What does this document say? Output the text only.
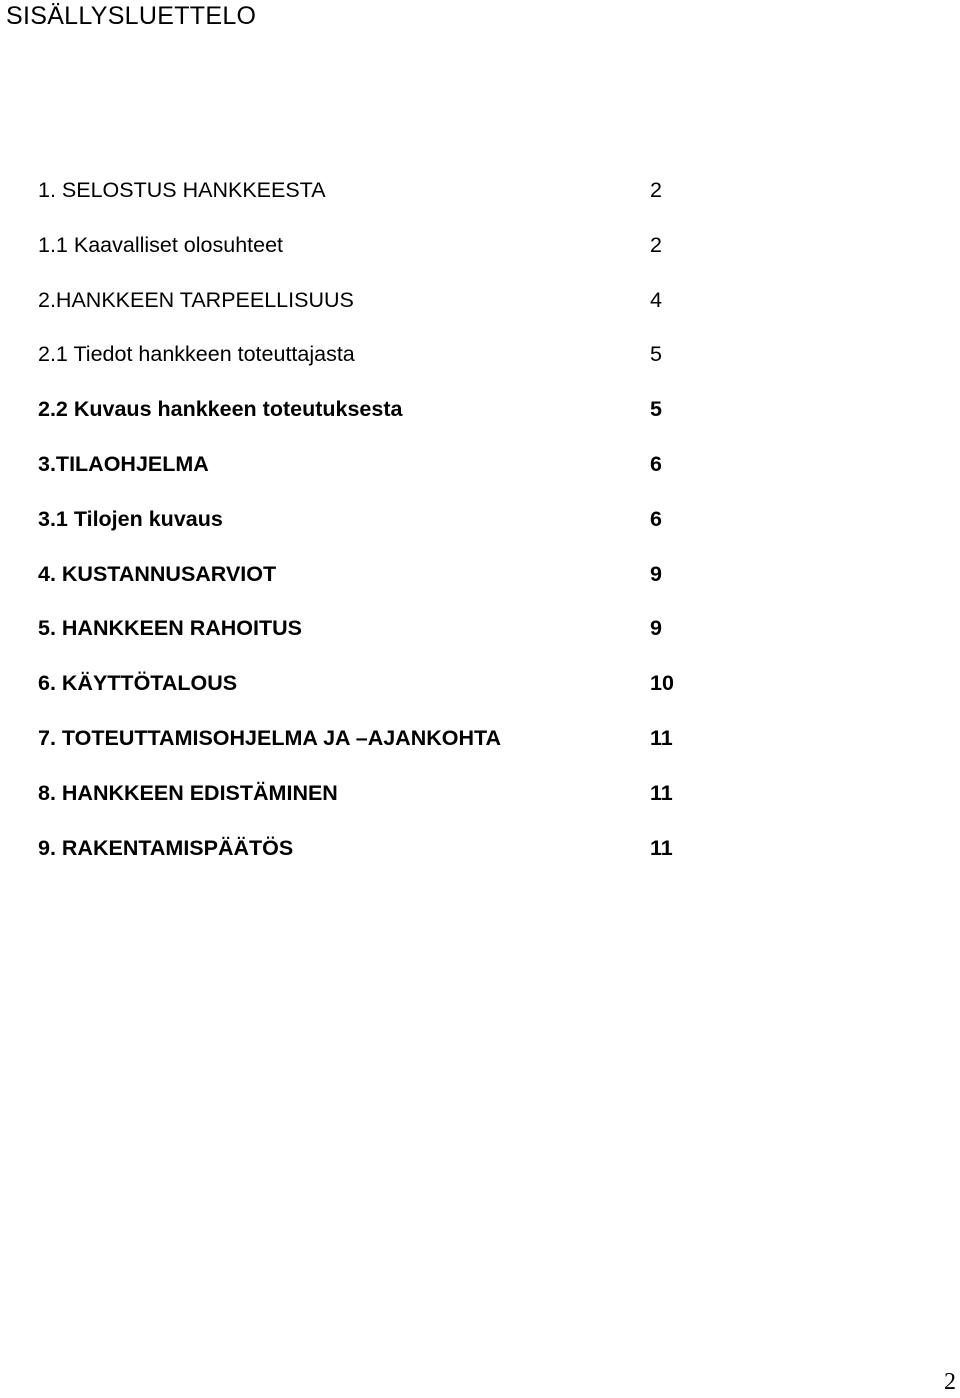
SISÄLLYSLUETTELO
1. SELOSTUS HANKKEESTA	2
1.1 Kaavalliset olosuhteet	2
2.HANKKEEN TARPEELLISUUS	4
2.1 Tiedot hankkeen toteuttajasta	5
2.2 Kuvaus hankkeen toteutuksesta	5
3.TILAOHJELMA	6
3.1 Tilojen kuvaus	6
4. KUSTANNUSARVIOT	9
5. HANKKEEN RAHOITUS	9
6. KÄYTTÖTALOUS	10
7. TOTEUTTAMISOHJELMA JA –AJANKOHTA	11
8. HANKKEEN EDISTÄMINEN	11
9. RAKENTAMISPÄÄTÖS	11
2
